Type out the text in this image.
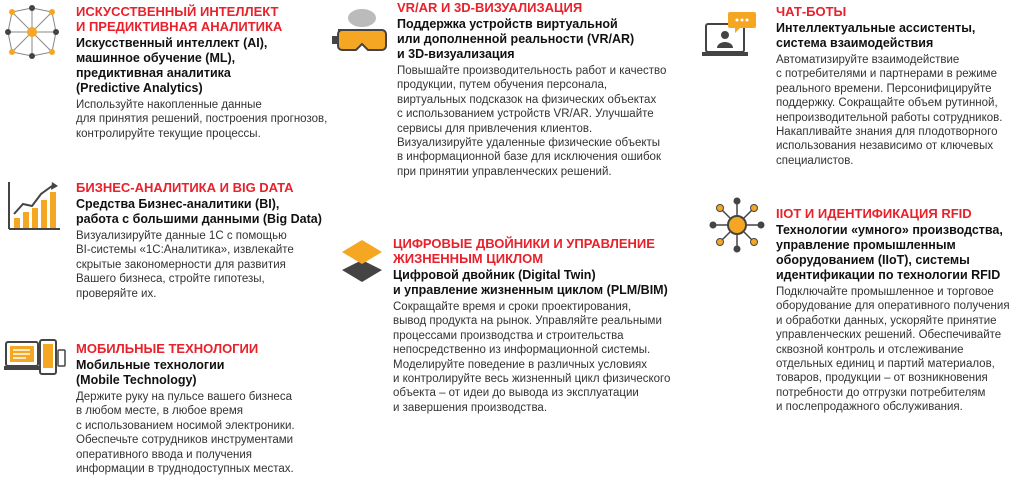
ИСКУССТВЕННЫЙ ИНТЕЛЛЕКТ
И ПРЕДИКТИВНАЯ АНАЛИТИКА

Искусственный интеллект (AI),
машинное обучение (ML),
предиктивная аналитика
(Predictive Analytics)

Используйте накопленные данные
для принятия решений, построения прогнозов,
контролируйте текущие процессы.

БИЗНЕС-АНАЛИТИКА И BIG DATA

Средства Бизнес-аналитики (BI),
работа с большими данными (Big Data)

Визуализируйте данные 1С с помощью
BI-системы «1С:Аналитика», извлекайте
скрытые закономерности для развития
Вашего бизнеса, стройте гипотезы,
проверяйте их.

МОБИЛЬНЫЕ ТЕХНОЛОГИИ

Мобильные технологии
(Mobile Technology)

Держите руку на пульсе вашего бизнеса
в любом месте, в любое время
с использованием носимой электроники.
Обеспечьте сотрудников инструментами
оперативного ввода и получения
информации в труднодоступных местах.

VR/AR И 3D-ВИЗУАЛИЗАЦИЯ

Поддержка устройств виртуальной
или дополненной реальности (VR/AR)
и 3D-визуализация

Повышайте производительность работ и качество
продукции, путем обучения персонала,
виртуальных подсказок на физических объектах
с использованием устройств VR/AR. Улучшайте
сервисы для привлечения клиентов.
Визуализируйте удаленные физические объекты
в информационной базе для исключения ошибок
при принятии управленческих решений.

ЦИФРОВЫЕ ДВОЙНИКИ И УПРАВЛЕНИЕ
ЖИЗНЕННЫМ ЦИКЛОМ

Цифровой двойник (Digital Twin)
и управление жизненным циклом (PLM/BIM)

Сокращайте время и сроки проектирования,
вывод продукта на рынок. Управляйте реальными
процессами производства и строительства
непосредственно из информационной системы.
Моделируйте поведение в различных условиях
и контролируйте весь жизненный цикл физического
объекта – от идеи до вывода из эксплуатации
и завершения производства.

ЧАТ-БОТЫ

Интеллектуальные ассистенты,
система взаимодействия

Автоматизируйте взаимодействие
с потребителями и партнерами в режиме
реального времени. Персонифицируйте
поддержку. Сокращайте объем рутинной,
непроизводительной работы сотрудников.
Накапливайте знания для плодотворного
использования независимо от ключевых
специалистов.

IIOT И ИДЕНТИФИКАЦИЯ RFID

Технологии «умного» производства,
управление промышленным
оборудованием (IIoT), системы
идентификации по технологии RFID

Подключайте промышленное и торговое
оборудование для оперативного получения
и обработки данных, ускоряйте принятие
управленческих решений. Обеспечивайте
сквозной контроль и отслеживание
отдельных единиц и партий материалов,
товаров, продукции – от возникновения
потребности до отгрузки потребителям
и послепродажного обслуживания.
